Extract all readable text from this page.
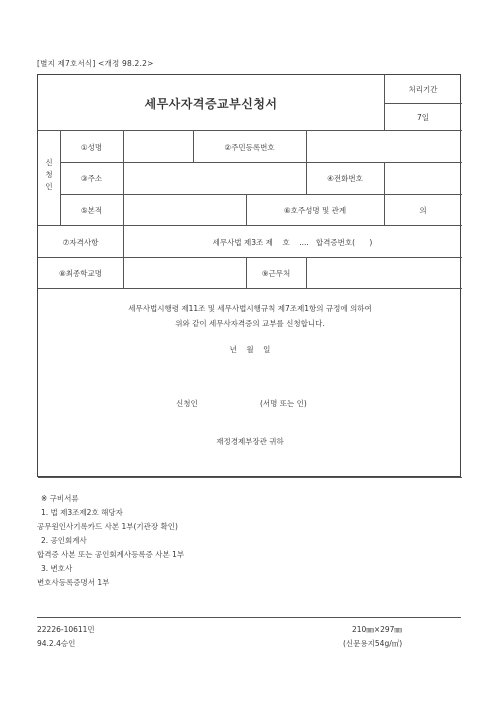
[별지 제7호서식] <개정 98.2.2>
세무사자격증교부신청서
처리기간
7일
신
청
인
①성명	②주민등록번호
③주소	④전화번호
⑤본적	⑥호주성명 및 관계	의
⑦자격사항	세무사법 제3조 제    호    ....   합격증번호(      )
⑧최종학교명	⑨근무처
세무사법시행령 제11조 및 세무사법시행규칙 제7조제1항의 규정에 의하여
위와 같이 세무사자격증의 교부를 신청합니다.
년    월    일
신청인	(서명 또는 인)
재정경제부장관 귀하
※ 구비서류
1. 법 제3조제2호 해당자
공무원인사기록카드 사본 1부(기관장 확인)
2. 공인회계사
합격증 사본 또는 공인회계사등록증 사본 1부
3. 변호사
변호사등록증명서 1부
22226-10611민
94.2.4승인
210㎜×297㎜
(신문용지54g/㎡)
